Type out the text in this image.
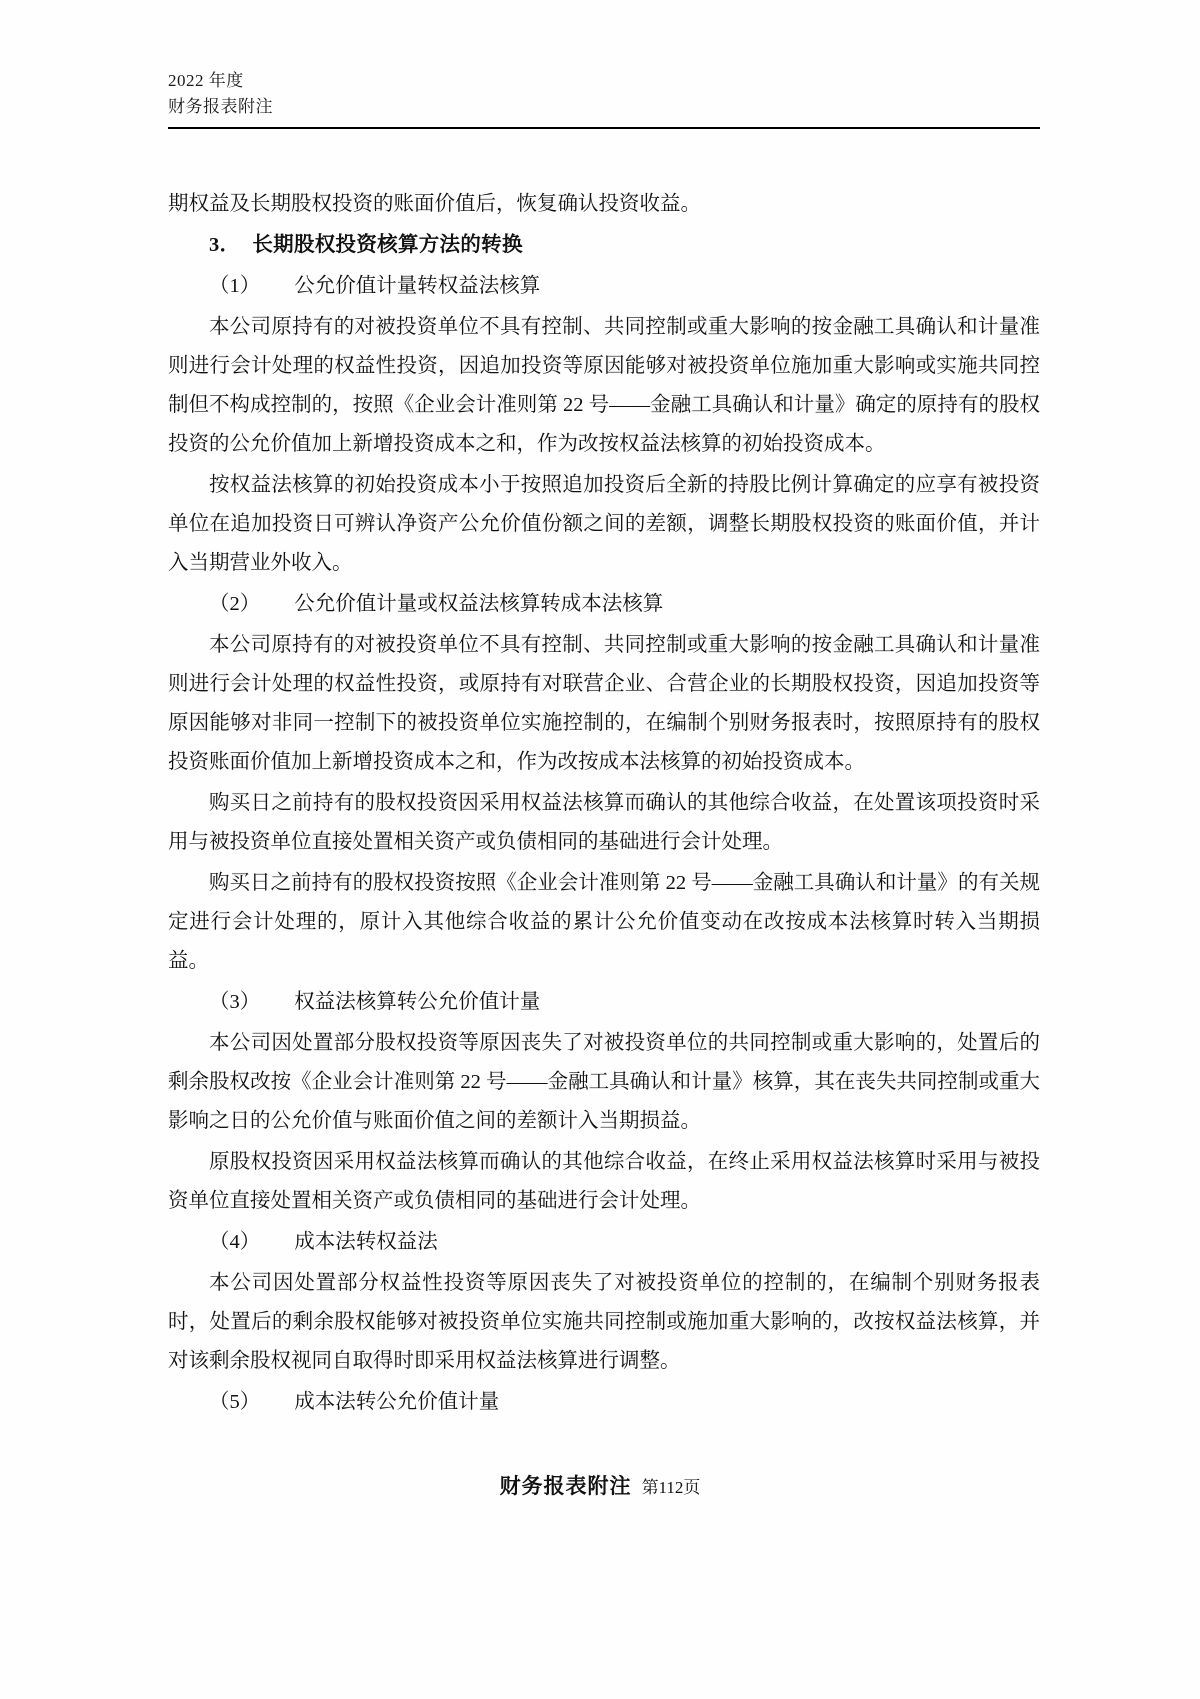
2022 年度
财务报表附注

期权益及长期股权投资的账面价值后，恢复确认投资收益。

3． 长期股权投资核算方法的转换

（1） 公允价值计量转权益法核算

本公司原持有的对被投资单位不具有控制、共同控制或重大影响的按金融工具确认和计量准则进行会计处理的权益性投资，因追加投资等原因能够对被投资单位施加重大影响或实施共同控制但不构成控制的，按照《企业会计准则第 22 号——金融工具确认和计量》确定的原持有的股权投资的公允价值加上新增投资成本之和，作为改按权益法核算的初始投资成本。

按权益法核算的初始投资成本小于按照追加投资后全新的持股比例计算确定的应享有被投资单位在追加投资日可辨认净资产公允价值份额之间的差额，调整长期股权投资的账面价值，并计入当期营业外收入。

（2） 公允价值计量或权益法核算转成本法核算

本公司原持有的对被投资单位不具有控制、共同控制或重大影响的按金融工具确认和计量准则进行会计处理的权益性投资，或原持有对联营企业、合营企业的长期股权投资，因追加投资等原因能够对非同一控制下的被投资单位实施控制的，在编制个别财务报表时，按照原持有的股权投资账面价值加上新增投资成本之和，作为改按成本法核算的初始投资成本。

购买日之前持有的股权投资因采用权益法核算而确认的其他综合收益，在处置该项投资时采用与被投资单位直接处置相关资产或负债相同的基础进行会计处理。

购买日之前持有的股权投资按照《企业会计准则第 22 号——金融工具确认和计量》的有关规定进行会计处理的，原计入其他综合收益的累计公允价值变动在改按成本法核算时转入当期损益。

（3） 权益法核算转公允价值计量

本公司因处置部分股权投资等原因丧失了对被投资单位的共同控制或重大影响的，处置后的剩余股权改按《企业会计准则第 22 号——金融工具确认和计量》核算，其在丧失共同控制或重大影响之日的公允价值与账面价值之间的差额计入当期损益。

原股权投资因采用权益法核算而确认的其他综合收益，在终止采用权益法核算时采用与被投资单位直接处置相关资产或负债相同的基础进行会计处理。

（4） 成本法转权益法

本公司因处置部分权益性投资等原因丧失了对被投资单位的控制的，在编制个别财务报表时，处置后的剩余股权能够对被投资单位实施共同控制或施加重大影响的，改按权益法核算，并对该剩余股权视同自取得时即采用权益法核算进行调整。

（5） 成本法转公允价值计量

财务报表附注 第112页
